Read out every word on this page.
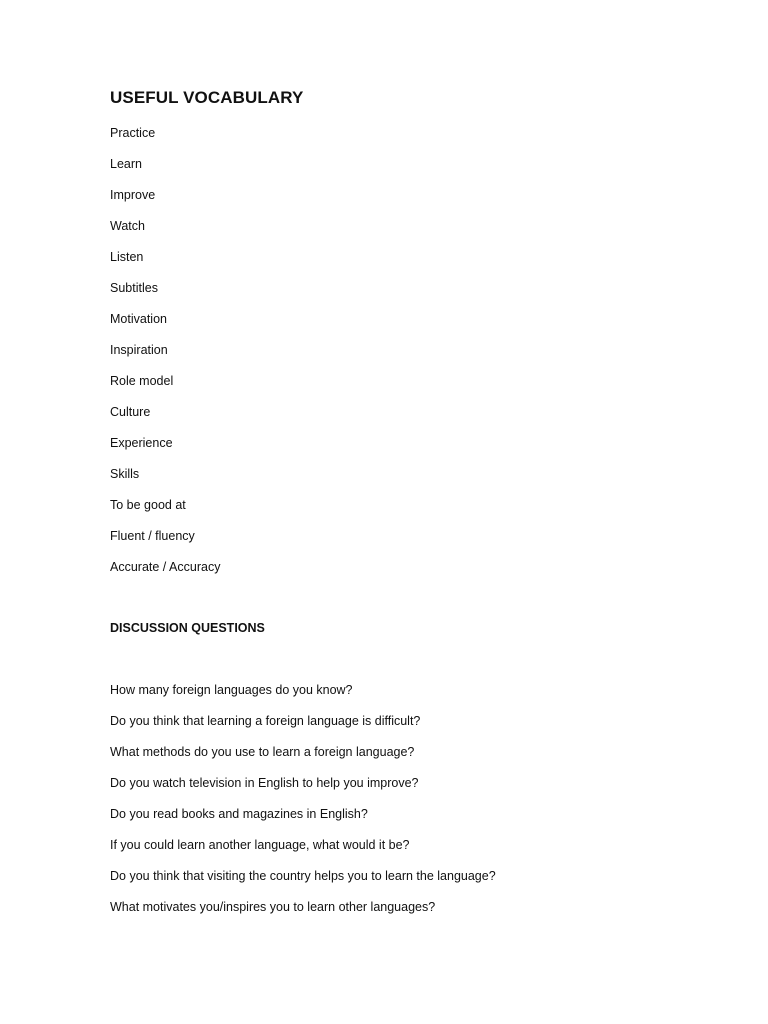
USEFUL VOCABULARY
Practice
Learn
Improve
Watch
Listen
Subtitles
Motivation
Inspiration
Role model
Culture
Experience
Skills
To be good at
Fluent / fluency
Accurate / Accuracy
DISCUSSION QUESTIONS
How many foreign languages do you know?
Do you think that learning a foreign language is difficult?
What methods do you use to learn a foreign language?
Do you watch television in English to help you improve?
Do you read books and magazines in English?
If you could learn another language, what would it be?
Do you think that visiting the country helps you to learn the language?
What motivates you/inspires you to learn other languages?
